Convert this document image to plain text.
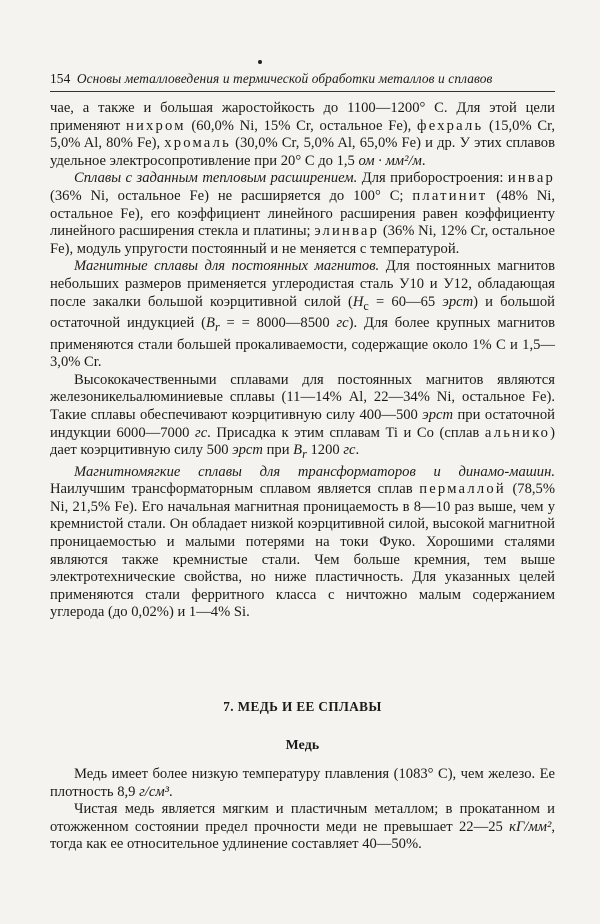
154 Основы металловедения и термической обработки металлов и сплавов

чае, а также и большая жаростойкость до 1100—1200° С. Для этой цели применяют нихром (60,0% Ni, 15% Cr, остальное Fe), фехраль (15,0% Cr, 5,0% Al, 80% Fe), хромаль (30,0% Cr, 5,0% Al, 65,0% Fe) и др. У этих сплавов удельное электросопротивление при 20° С до 1,5 ом · мм²/м.

Сплавы с заданным тепловым расширением. Для приборостроения: инвар (36% Ni, остальное Fe) не расширяется до 100° С; платинит (48% Ni, остальное Fe), его коэффициент линейного расширения равен коэффициенту линейного расширения стекла и платины; элинвар (36% Ni, 12% Cr, остальное Fe), модуль упругости постоянный и не меняется с температурой.

Магнитные сплавы для постоянных магнитов. Для постоянных магнитов небольших размеров применяется углеродистая сталь У10 и У12, обладающая после закалки большой коэрцитивной силой ($H_c$ = 60—65 эрст) и большой остаточной индукцией ($B_r$ = = 8000—8500 гс). Для более крупных магнитов применяются стали большей прокаливаемости, содержащие около 1% C и 1,5—3,0% Cr.

Высококачественными сплавами для постоянных магнитов являются железоникельалюминиевые сплавы (11—14% Al, 22—34% Ni, остальное Fe). Такие сплавы обеспечивают коэрцитивную силу 400—500 эрст при остаточной индукции 6000—7000 гс. Присадка к этим сплавам Ti и Co (сплав альнико) дает коэрцитивную силу 500 эрст при $B_r$ 1200 гс.

Магнитномягкие сплавы для трансформаторов и динамо-машин. Наилучшим трансформаторным сплавом является сплав пермаллой (78,5% Ni, 21,5% Fe). Его начальная магнитная проницаемость в 8—10 раз выше, чем у кремнистой стали. Он обладает низкой коэрцитивной силой, высокой магнитной проницаемостью и малыми потерями на токи Фуко. Хорошими сталями являются также кремнистые стали. Чем больше кремния, тем выше электротехнические свойства, но ниже пластичность. Для указанных целей применяются стали ферритного класса с ничтожно малым содержанием углерода (до 0,02%) и 1—4% Si.

7. МЕДЬ И ЕЕ СПЛАВЫ
Медь

Медь имеет более низкую температуру плавления (1083° С), чем железо. Ее плотность 8,9 г/см³.

Чистая медь является мягким и пластичным металлом; в прокатанном и отожженном состоянии предел прочности меди не превышает 22—25 кГ/мм², тогда как ее относительное удлинение составляет 40—50%.
